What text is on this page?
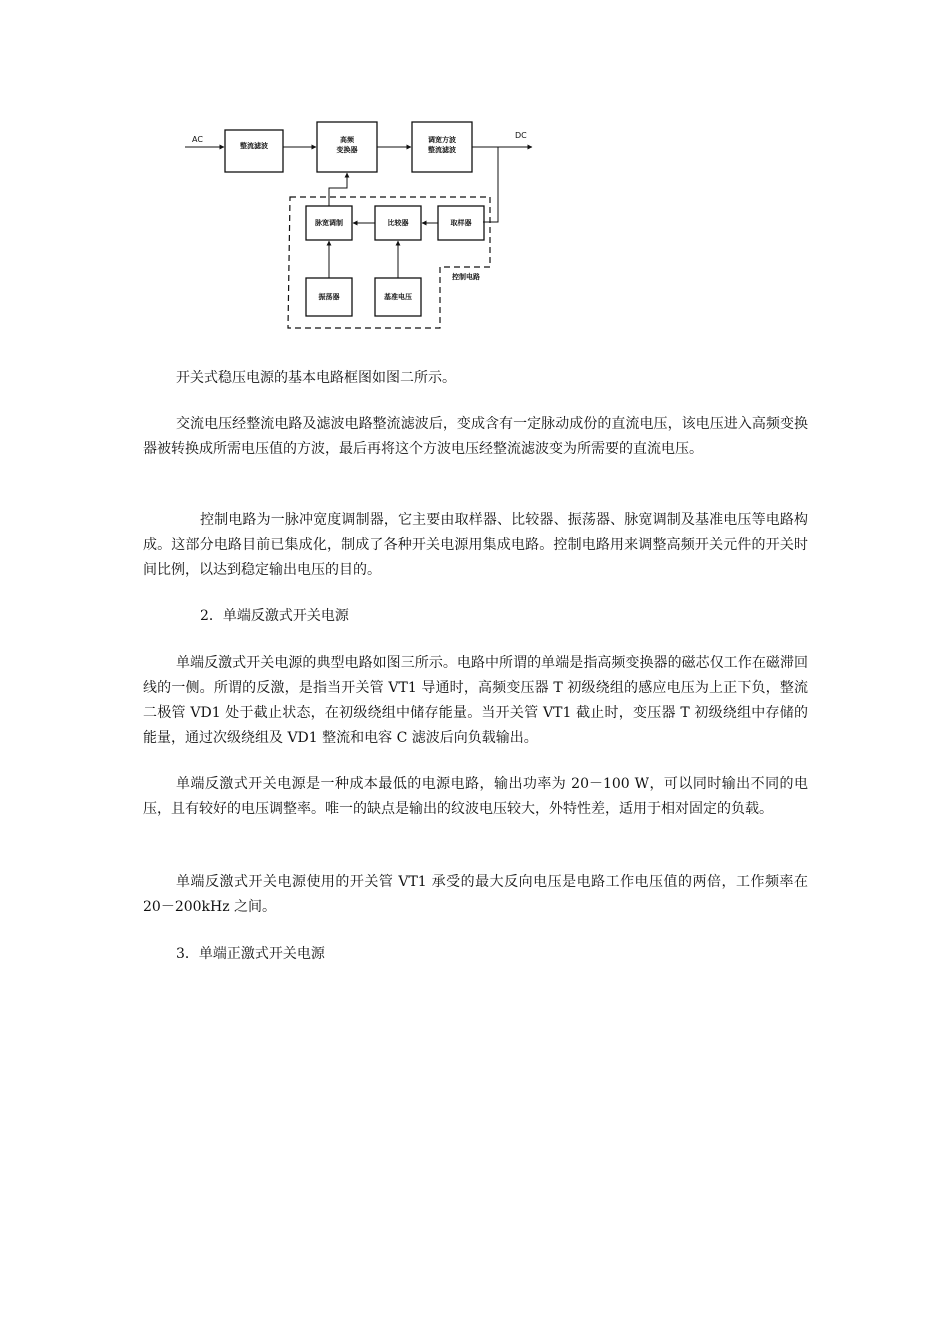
整流滤波
高频
变换器
调宽方波
整流滤波
AC	DC
脉宽调制	比较器	取样器
振荡器	基准电压
控制电路

开关式稳压电源的基本电路框图如图二所示。

交流电压经整流电路及滤波电路整流滤波后，变成含有一定脉动成份的直流电压，该电压进入高频变换器被转换成所需电压值的方波，最后再将这个方波电压经整流滤波变为所需要的直流电压。

控制电路为一脉冲宽度调制器，它主要由取样器、比较器、振荡器、脉宽调制及基准电压等电路构成。这部分电路目前已集成化，制成了各种开关电源用集成电路。控制电路用来调整高频开关元件的开关时间比例，以达到稳定输出电压的目的。

2．单端反激式开关电源

单端反激式开关电源的典型电路如图三所示。电路中所谓的单端是指高频变换器的磁芯仅工作在磁滞回线的一侧。所谓的反激，是指当开关管 VT1 导通时，高频变压器 T 初级绕组的感应电压为上正下负，整流二极管 VD1 处于截止状态，在初级绕组中储存能量。当开关管 VT1 截止时，变压器 T 初级绕组中存储的能量，通过次级绕组及 VD1 整流和电容 C 滤波后向负载输出。

单端反激式开关电源是一种成本最低的电源电路，输出功率为 20－100 W，可以同时输出不同的电压，且有较好的电压调整率。唯一的缺点是输出的纹波电压较大，外特性差，适用于相对固定的负载。

单端反激式开关电源使用的开关管 VT1 承受的最大反向电压是电路工作电压值的两倍，工作频率在 20－200kHz 之间。

3．单端正激式开关电源
